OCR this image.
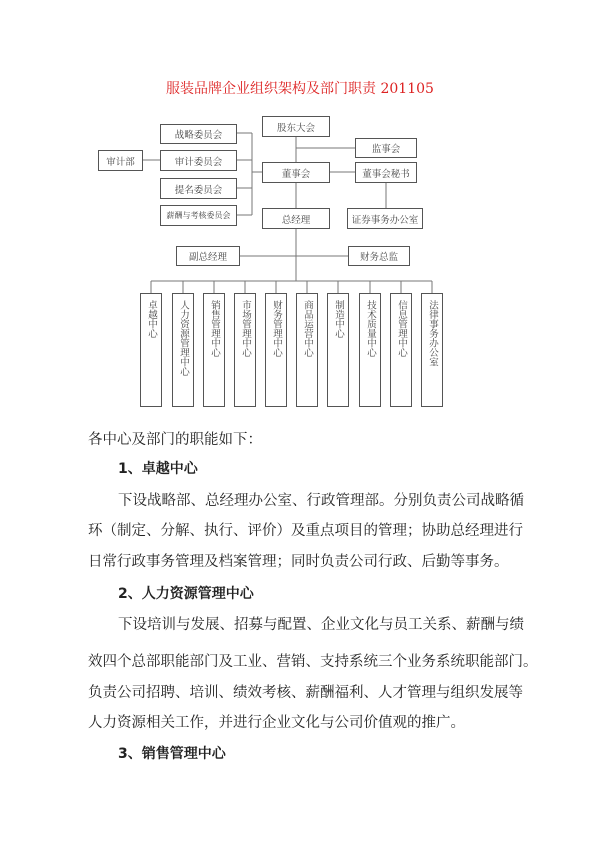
服装品牌企业组织架构及部门职责 201105
股东大会
战略委员会
监事会
审计部	审计委员会
董事会	董事会秘书
提名委员会
薪酬与考核委员会	总经理	证券事务办公室
副总经理	财务总监
卓越中心	人力资源管理中心	销售管理中心	市场管理中心	财务管理中心	商品运营中心	制造中心	技术质量中心	信息管理中心	法律事务办公室
各中心及部门的职能如下：
1、卓越中心
下设战略部、总经理办公室、行政管理部。分别负责公司战略循
环（制定、分解、执行、评价）及重点项目的管理；协助总经理进行
日常行政事务管理及档案管理；同时负责公司行政、后勤等事务。
2、人力资源管理中心
下设培训与发展、招募与配置、企业文化与员工关系、薪酬与绩
效四个总部职能部门及工业、营销、支持系统三个业务系统职能部门。
负责公司招聘、培训、绩效考核、薪酬福利、人才管理与组织发展等
人力资源相关工作，并进行企业文化与公司价值观的推广。
3、销售管理中心
